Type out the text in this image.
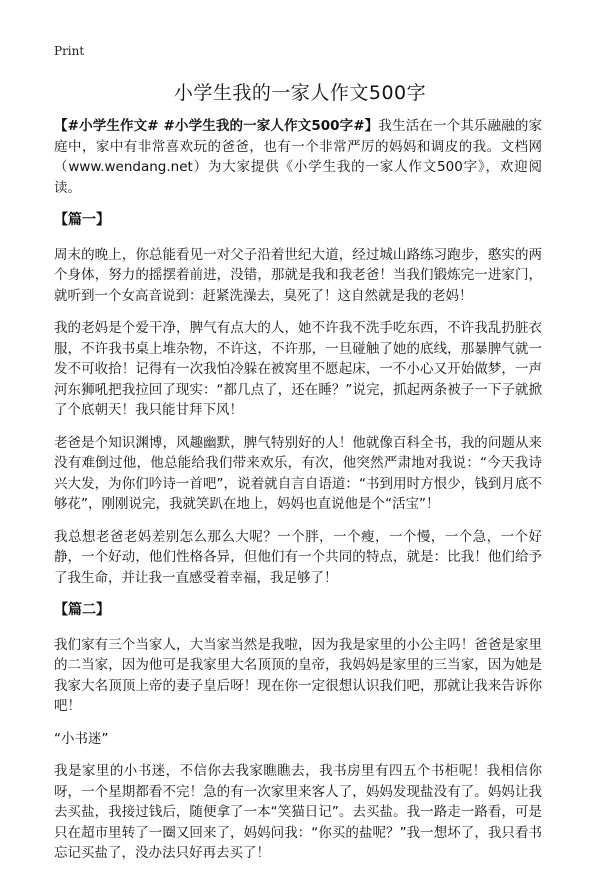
Print
小学生我的一家人作文500字

【#小学生作文# #小学生我的一家人作文500字#】我生活在一个其乐融融的家庭中，家中有非常喜欢玩的爸爸，也有一个非常严厉的妈妈和调皮的我。文档网（www.wendang.net）为大家提供《小学生我的一家人作文500字》，欢迎阅读。

【篇一】

周末的晚上，你总能看见一对父子沿着世纪大道，经过城山路练习跑步，憨实的两个身体，努力的摇摆着前进，没错，那就是我和我老爸！当我们锻炼完一进家门，就听到一个女高音说到：赶紧洗澡去，臭死了！这自然就是我的老妈！

我的老妈是个爱干净，脾气有点大的人，她不许我不洗手吃东西，不许我乱扔脏衣服，不许我书桌上堆杂物，不许这，不许那，一旦碰触了她的底线，那暴脾气就一发不可收拾！记得有一次我怕冷躲在被窝里不愿起床，一不小心又开始做梦，一声河东狮吼把我拉回了现实：“都几点了，还在睡？”说完，抓起两条被子一下子就掀了个底朝天！我只能甘拜下风！

老爸是个知识渊博，风趣幽默，脾气特别好的人！他就像百科全书，我的问题从来没有难倒过他，他总能给我们带来欢乐，有次，他突然严肃地对我说：“今天我诗兴大发，为你们吟诗一首吧”，说着就自言自语道：“书到用时方恨少，钱到月底不够花”，刚刚说完，我就笑趴在地上，妈妈也直说他是个“活宝”！

我总想老爸老妈差别怎么那么大呢？一个胖，一个瘦，一个慢，一个急，一个好静，一个好动，他们性格各异，但他们有一个共同的特点，就是：比我！他们给予了我生命，并让我一直感受着幸福，我足够了！

【篇二】

我们家有三个当家人，大当家当然是我啦，因为我是家里的小公主吗！爸爸是家里的二当家，因为他可是我家里大名顶顶的皇帝，我妈妈是家里的三当家，因为她是我家大名顶顶上帝的妻子皇后呀！现在你一定很想认识我们吧，那就让我来告诉你吧！

“小书迷”

我是家里的小书迷，不信你去我家瞧瞧去，我书房里有四五个书柜呢！我相信你呀，一个星期都看不完！急的有一次家里来客人了，妈妈发现盐没有了。妈妈让我去买盐，我接过钱后，随便拿了一本“笑猫日记”。去买盐。我一路走一路看，可是只在超市里转了一圈又回来了，妈妈问我：“你买的盐呢？”我一想坏了，我只看书忘记买盐了，没办法只好再去买了！
